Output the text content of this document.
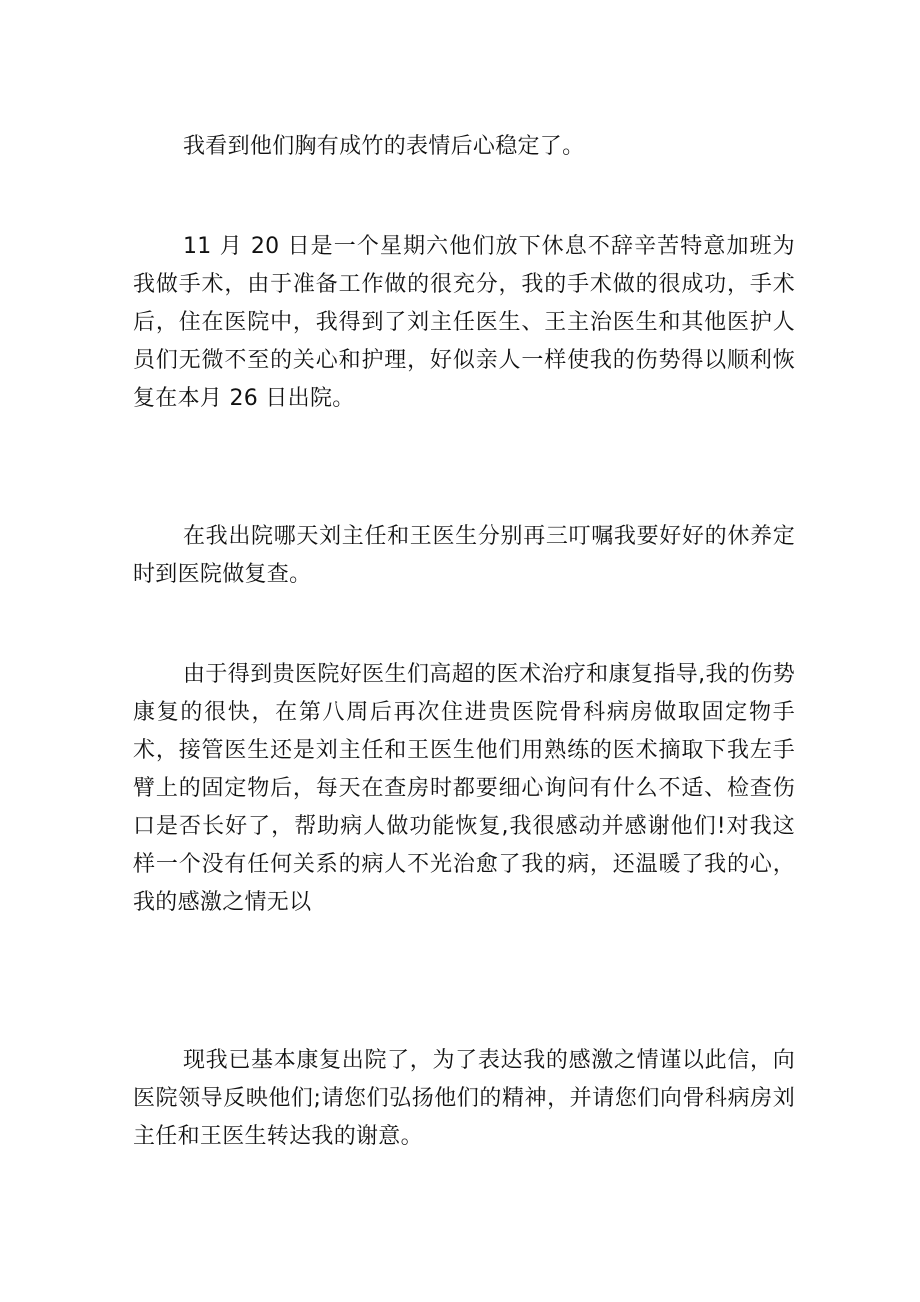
我看到他们胸有成竹的表情后心稳定了。

11 月 20 日是一个星期六他们放下休息不辞辛苦特意加班为我做手术，由于准备工作做的很充分，我的手术做的很成功，手术后，住在医院中，我得到了刘主任医生、王主治医生和其他医护人员们无微不至的关心和护理，好似亲人一样使我的伤势得以顺利恢复在本月 26 日出院。

在我出院哪天刘主任和王医生分别再三叮嘱我要好好的休养定时到医院做复查。

由于得到贵医院好医生们高超的医术治疗和康复指导,我的伤势康复的很快，在第八周后再次住进贵医院骨科病房做取固定物手术，接管医生还是刘主任和王医生他们用熟练的医术摘取下我左手臂上的固定物后，每天在查房时都要细心询问有什么不适、检查伤口是否长好了，帮助病人做功能恢复,我很感动并感谢他们!对我这样一个没有任何关系的病人不光治愈了我的病，还温暖了我的心，我的感激之情无以

现我已基本康复出院了，为了表达我的感激之情谨以此信，向医院领导反映他们;请您们弘扬他们的精神，并请您们向骨科病房刘主任和王医生转达我的谢意。
